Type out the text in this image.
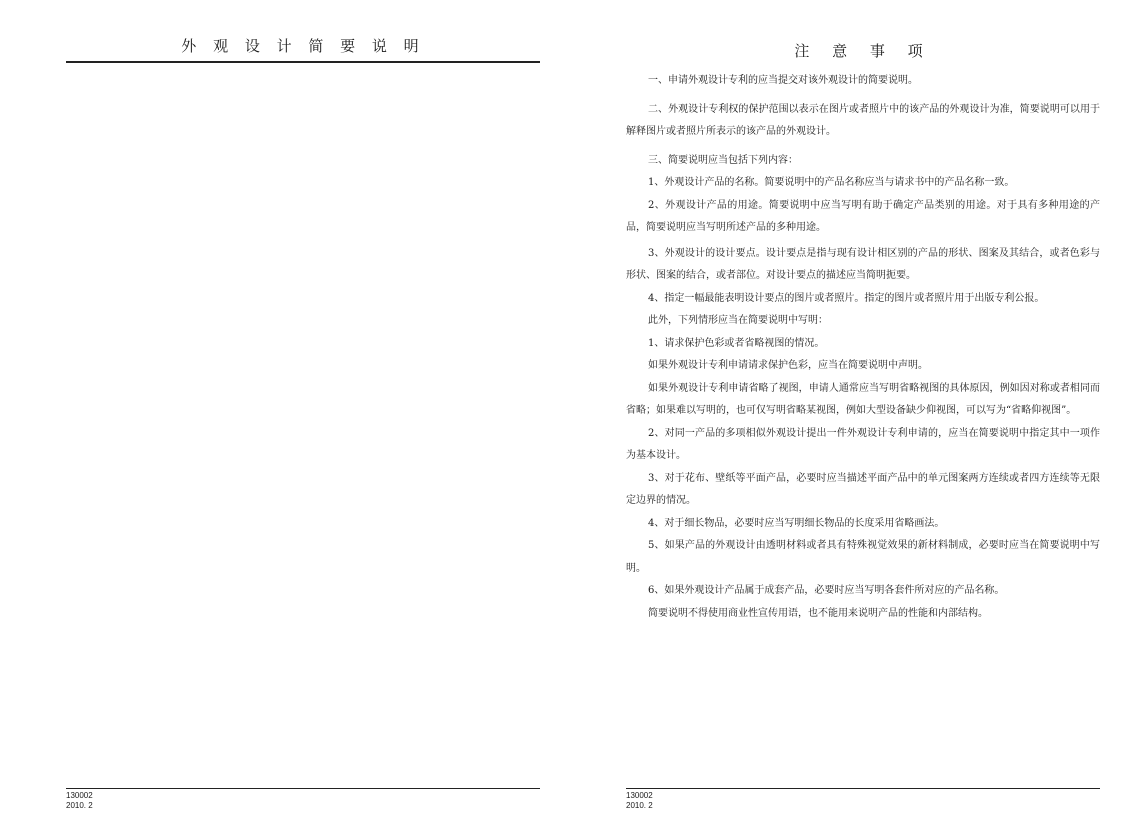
外 观 设 计 简 要 说 明
130002
2010. 2
注 意 事 项

一、申请外观设计专利的应当提交对该外观设计的简要说明。

二、外观设计专利权的保护范围以表示在图片或者照片中的该产品的外观设计为准，简要说明可以用于解释图片或者照片所表示的该产品的外观设计。

三、简要说明应当包括下列内容：

1、外观设计产品的名称。简要说明中的产品名称应当与请求书中的产品名称一致。

2、外观设计产品的用途。简要说明中应当写明有助于确定产品类别的用途。对于具有多种用途的产品，简要说明应当写明所述产品的多种用途。

3、外观设计的设计要点。设计要点是指与现有设计相区别的产品的形状、图案及其结合，或者色彩与形状、图案的结合，或者部位。对设计要点的描述应当简明扼要。

4、指定一幅最能表明设计要点的图片或者照片。指定的图片或者照片用于出版专利公报。

此外，下列情形应当在简要说明中写明：

1、请求保护色彩或者省略视图的情况。

如果外观设计专利申请请求保护色彩，应当在简要说明中声明。

如果外观设计专利申请省略了视图，申请人通常应当写明省略视图的具体原因，例如因对称或者相同而省略；如果难以写明的，也可仅写明省略某视图，例如大型设备缺少仰视图，可以写为“省略仰视图”。

2、对同一产品的多项相似外观设计提出一件外观设计专利申请的，应当在简要说明中指定其中一项作为基本设计。

3、对于花布、壁纸等平面产品，必要时应当描述平面产品中的单元图案两方连续或者四方连续等无限定边界的情况。

4、对于细长物品，必要时应当写明细长物品的长度采用省略画法。

5、如果产品的外观设计由透明材料或者具有特殊视觉效果的新材料制成，必要时应当在简要说明中写明。

6、如果外观设计产品属于成套产品，必要时应当写明各套件所对应的产品名称。

简要说明不得使用商业性宣传用语，也不能用来说明产品的性能和内部结构。

130002
2010. 2
